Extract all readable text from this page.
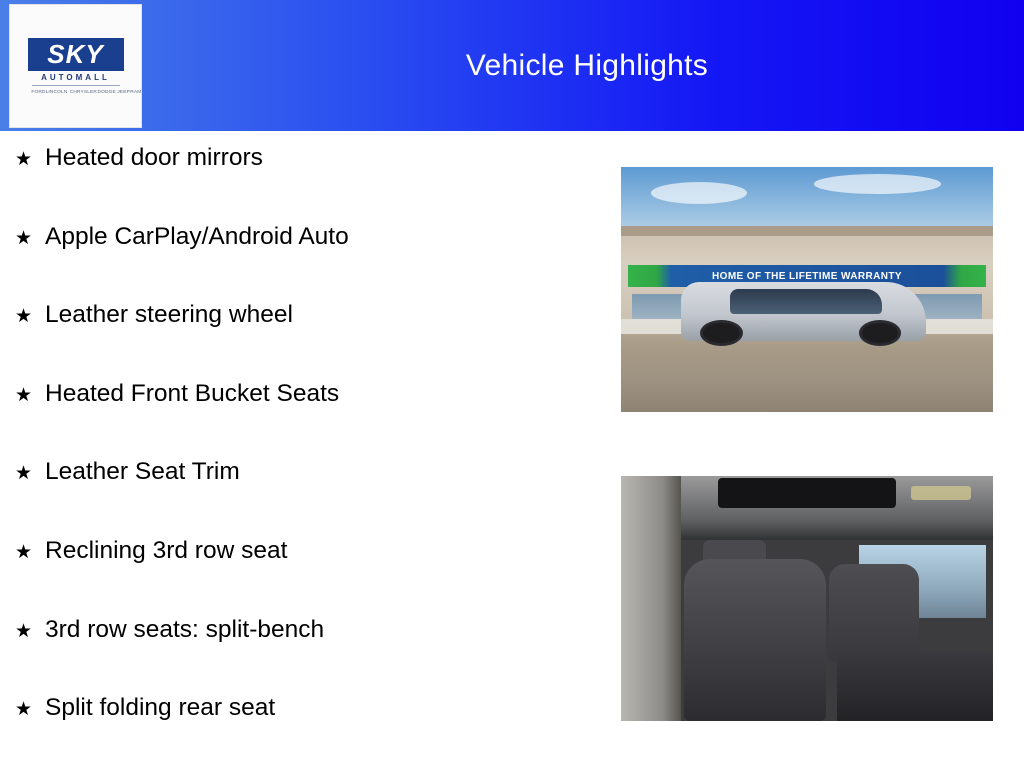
Vehicle Highlights
SKY
AUTOMALL
FORD LINCOLN CHRYSLER DODGE JEEP RAM
★ Heated door mirrors
★ Apple CarPlay/Android Auto
★ Leather steering wheel
★ Heated Front Bucket Seats
★ Leather Seat Trim
★ Reclining 3rd row seat
★ 3rd row seats: split-bench
★ Split folding rear seat
HOME OF THE LIFETIME WARRANTY
